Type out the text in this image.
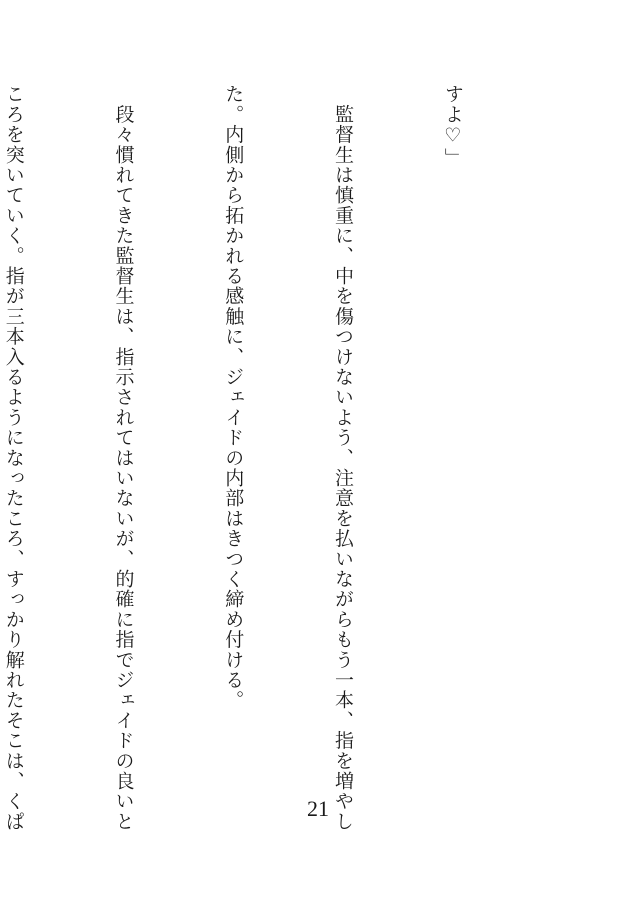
すよ♡」

　監督生は慎重に、中を傷つけないよう、注意を払いながらもう一本、指を増やし

た。内側から拓かれる感触に、ジェイドの内部はきつく締め付ける。

　段々慣れてきた監督生は、指示されてはいないが、的確に指でジェイドの良いと

ころを突いていく。指が三本入るようになったころ、すっかり解れたそこは、くぱ

	21
